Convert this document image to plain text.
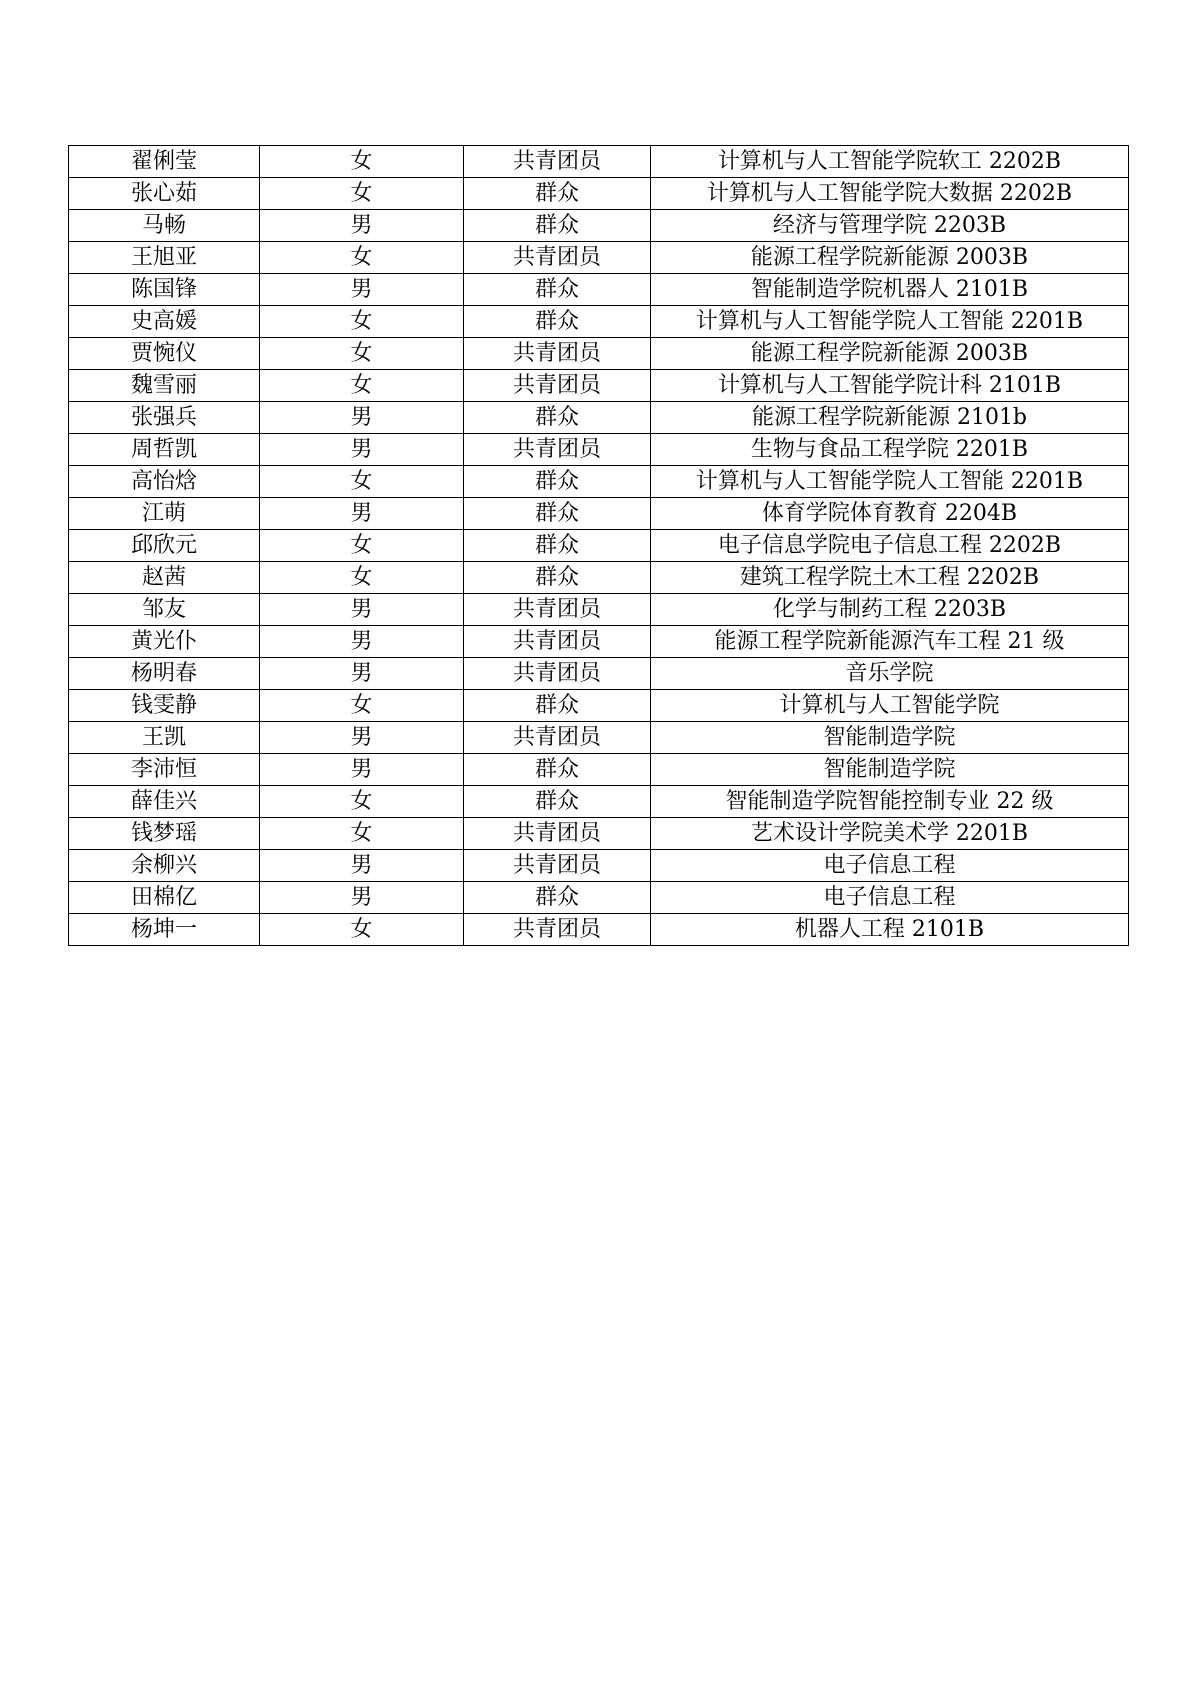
翟俐莹	女	共青团员	计算机与人工智能学院软工 2202B
张心茹	女	群众	计算机与人工智能学院大数据 2202B
马畅	男	群众	经济与管理学院 2203B
王旭亚	女	共青团员	能源工程学院新能源 2003B
陈国锋	男	群众	智能制造学院机器人 2101B
史高媛	女	群众	计算机与人工智能学院人工智能 2201B
贾惋仪	女	共青团员	能源工程学院新能源 2003B
魏雪丽	女	共青团员	计算机与人工智能学院计科 2101B
张强兵	男	群众	能源工程学院新能源 2101b
周哲凯	男	共青团员	生物与食品工程学院 2201B
高怡焓	女	群众	计算机与人工智能学院人工智能 2201B
江萌	男	群众	体育学院体育教育 2204B
邱欣元	女	群众	电子信息学院电子信息工程 2202B
赵茜	女	群众	建筑工程学院土木工程 2202B
邹友	男	共青团员	化学与制药工程 2203B
黄光仆	男	共青团员	能源工程学院新能源汽车工程 21 级
杨明春	男	共青团员	音乐学院
钱雯静	女	群众	计算机与人工智能学院
王凯	男	共青团员	智能制造学院
李沛恒	男	群众	智能制造学院
薛佳兴	女	群众	智能制造学院智能控制专业 22 级
钱梦瑶	女	共青团员	艺术设计学院美术学 2201B
余柳兴	男	共青团员	电子信息工程
田棉亿	男	群众	电子信息工程
杨坤一	女	共青团员	机器人工程 2101B
